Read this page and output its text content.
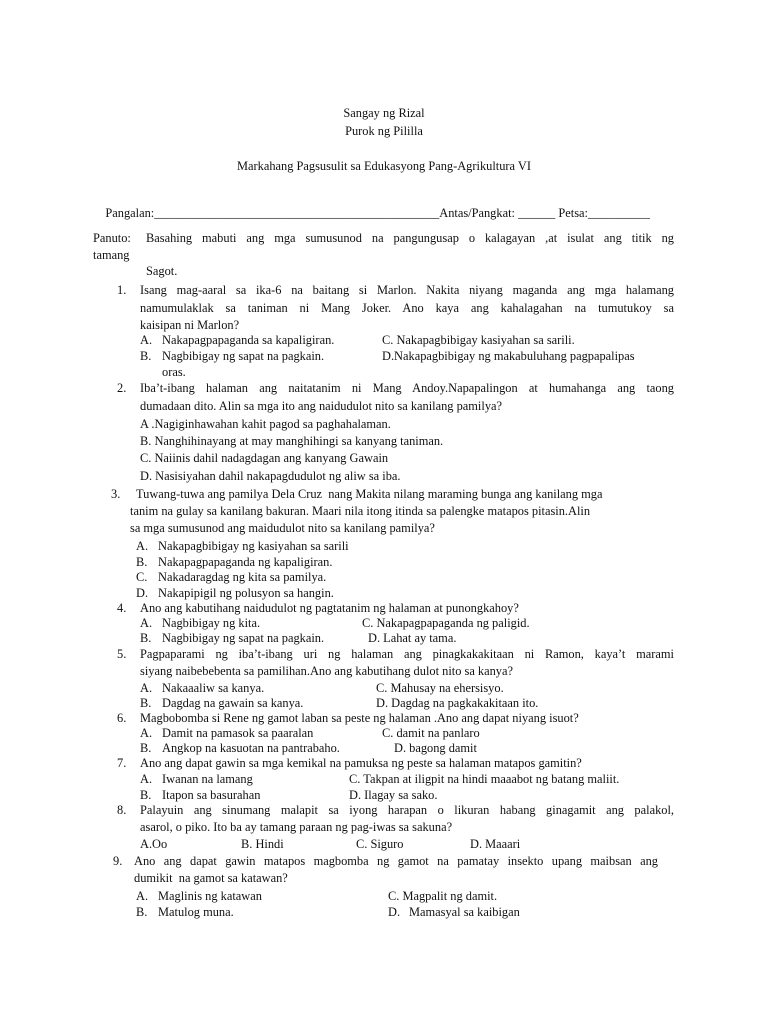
Sangay ng Rizal
Purok ng Pililla
Markahang Pagsusulit sa Edukasyong Pang-Agrikultura VI

Pangalan:______________________________________________Antas/Pangkat: ______ Petsa:__________

Panuto: Basahing mabuti ang mga sumusunod na pangungusap o kalagayan ,at isulat ang titik ng
tamang
Sagot.
1. Isang mag-aaral sa ika-6 na baitang si Marlon. Nakita niyang maganda ang mga halamang
namumulaklak sa taniman ni Mang Joker. Ano kaya ang kahalagahan na tumutukoy sa
kaisipan ni Marlon?
A. Nakapagpapaganda sa kapaligiran.	C. Nakapagbibigay kasiyahan sa sarili.
B. Nagbibigay ng sapat na pagkain.	D.Nakapagbibigay ng makabuluhang pagpapalipas
oras.
2. Iba’t-ibang halaman ang naitatanim ni Mang Andoy.Napapalingon at humahanga ang taong
dumadaan dito. Alin sa mga ito ang naidudulot nito sa kanilang pamilya?
A .Nagiginhawahan kahit pagod sa paghahalaman.
B. Nanghihinayang at may manghihingi sa kanyang taniman.
C. Naiinis dahil nadagdagan ang kanyang Gawain
D. Nasisiyahan dahil nakapagdudulot ng aliw sa iba.
3. Tuwang-tuwa ang pamilya Dela Cruz  nang Makita nilang maraming bunga ang kanilang mga
tanim na gulay sa kanilang bakuran. Maari nila itong itinda sa palengke matapos pitasin.Alin
sa mga sumusunod ang maidudulot nito sa kanilang pamilya?
A. Nakapagbibigay ng kasiyahan sa sarili
B. Nakapagpapaganda ng kapaligiran.
C. Nakadaragdag ng kita sa pamilya.
D. Nakapipigil ng polusyon sa hangin.
4. Ano ang kabutihang naidudulot ng pagtatanim ng halaman at punongkahoy?
A. Nagbibigay ng kita.	C. Nakapagpapaganda ng paligid.
B. Nagbibigay ng sapat na pagkain.	D. Lahat ay tama.
5. Pagpaparami ng iba’t-ibang uri ng halaman ang pinagkakakitaan ni Ramon, kaya’t marami
siyang naibebebenta sa pamilihan.Ano ang kabutihang dulot nito sa kanya?
A. Nakaaaliw sa kanya.	C. Mahusay na ehersisyo.
B. Dagdag na gawain sa kanya.	D. Dagdag na pagkakakitaan ito.
6. Magbobomba si Rene ng gamot laban sa peste ng halaman .Ano ang dapat niyang isuot?
A. Damit na pamasok sa paaralan	C. damit na panlaro
B. Angkop na kasuotan na pantrabaho.	D. bagong damit
7. Ano ang dapat gawin sa mga kemikal na pamuksa ng peste sa halaman matapos gamitin?
A. Iwanan na lamang	C. Takpan at iligpit na hindi maaabot ng batang maliit.
B. Itapon sa basurahan	D. Ilagay sa sako.
8. Palayuin ang sinumang malapit sa iyong harapan o likuran habang ginagamit ang palakol,
asarol, o piko. Ito ba ay tamang paraan ng pag-iwas sa sakuna?
A.Oo	B. Hindi	C. Siguro	D. Maaari
9. Ano ang dapat gawin matapos magbomba ng gamot na pamatay insekto upang maibsan ang
dumikit  na gamot sa katawan?
A. Maglinis ng katawan	C. Magpalit ng damit.
B. Matulog muna.	D. Mamasyal sa kaibigan
